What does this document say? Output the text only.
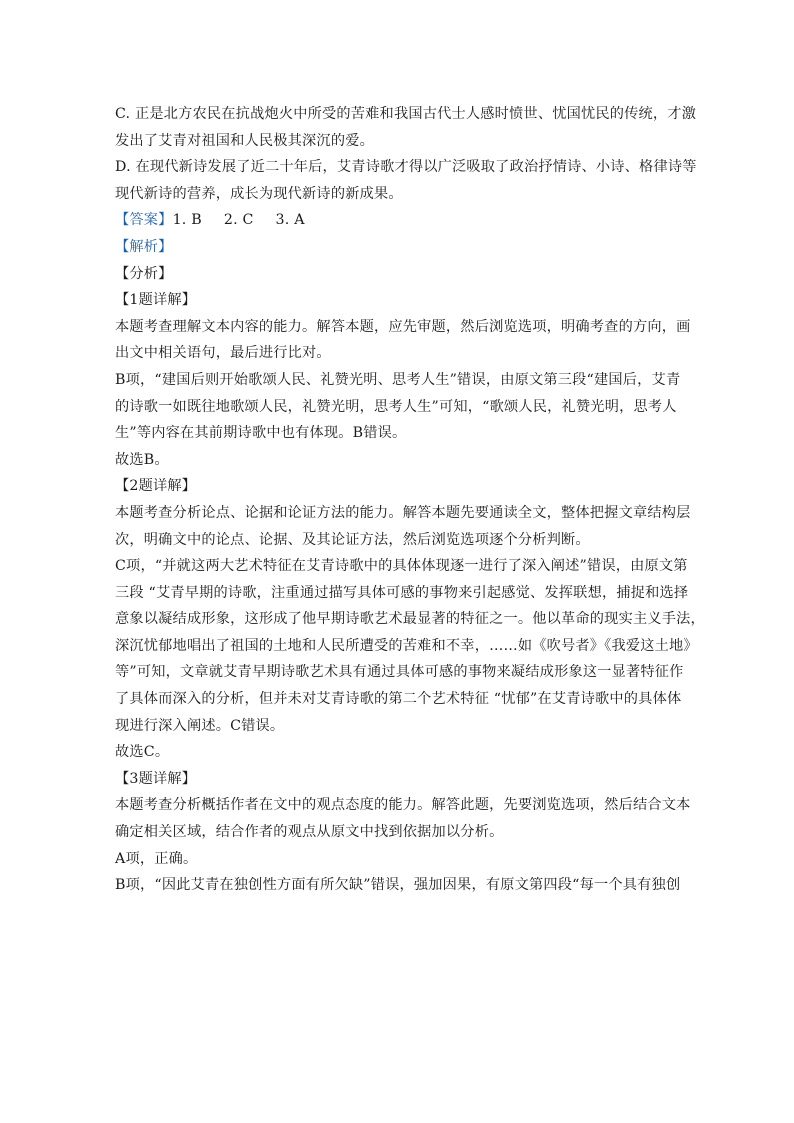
C. 正是北方农民在抗战炮火中所受的苦难和我国古代士人感时愤世、忧国忧民的传统，才激
发出了艾青对祖国和人民极其深沉的爱。
D. 在现代新诗发展了近二十年后，艾青诗歌才得以广泛吸取了政治抒情诗、小诗、格律诗等
现代新诗的营养，成长为现代新诗的新成果。
【答案】1. B 2. C 3. A
【解析】
【分析】
【1题详解】
本题考查理解文本内容的能力。解答本题，应先审题，然后浏览选项，明确考查的方向，画
出文中相关语句，最后进行比对。
B项，“建国后则开始歌颂人民、礼赞光明、思考人生”错误，由原文第三段“建国后，艾青
的诗歌一如既往地歌颂人民，礼赞光明，思考人生”可知，“歌颂人民，礼赞光明，思考人
生”等内容在其前期诗歌中也有体现。B错误。
故选B。
【2题详解】
本题考查分析论点、论据和论证方法的能力。解答本题先要通读全文，整体把握文章结构层
次，明确文中的论点、论据、及其论证方法，然后浏览选项逐个分析判断。
C项，“并就这两大艺术特征在艾青诗歌中的具体体现逐一进行了深入阐述”错误，由原文第
三段 “艾青早期的诗歌，注重通过描写具体可感的事物来引起感觉、发挥联想，捕捉和选择
意象以凝结成形象，这形成了他早期诗歌艺术最显著的特征之一。他以革命的现实主义手法，
深沉忧郁地唱出了祖国的土地和人民所遭受的苦难和不幸，……如《吹号者》《我爱这土地》
等”可知，文章就艾青早期诗歌艺术具有通过具体可感的事物来凝结成形象这一显著特征作
了具体而深入的分析，但并未对艾青诗歌的第二个艺术特征 “忧郁”在艾青诗歌中的具体体
现进行深入阐述。C错误。
故选C。
【3题详解】
本题考查分析概括作者在文中的观点态度的能力。解答此题，先要浏览选项，然后结合文本
确定相关区域，结合作者的观点从原文中找到依据加以分析。
A项，正确。
B项，“因此艾青在独创性方面有所欠缺”错误，强加因果，有原文第四段“每一个具有独创
